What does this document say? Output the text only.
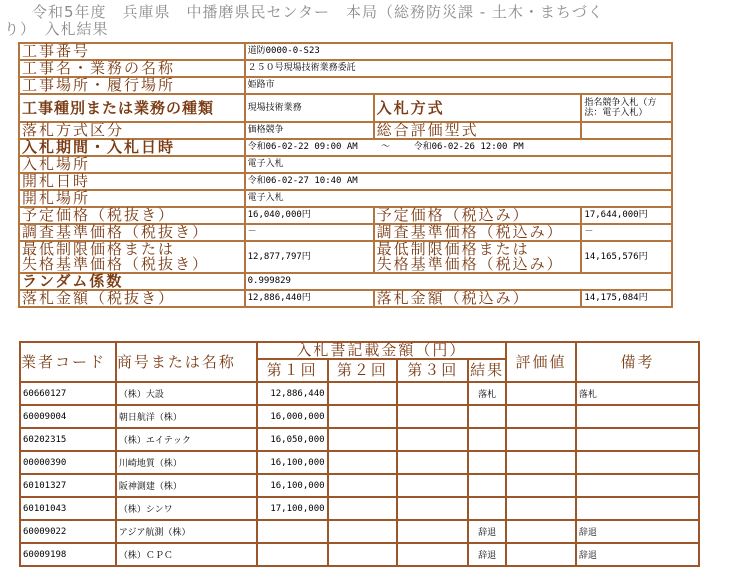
令和5年度　兵庫県　中播磨県民センター　本局（総務防災課 - 土木・まちづく
り）　入札結果
工事番号	道防0000-0-S23		
工事名・業務の名称	２５０号現場技術業務委託		
工事場所・履行場所	姫路市		
工事種別または業務の種類	現場技術業務	入札方式	指名競争入札（方法：電子入札）
落札方式区分	価格競争	総合評価型式	
入札期間・入札日時	令和06-02-22 09:00 AM ～ 令和06-02-26 12:00 PM		
入札場所	電子入札		
開札日時	令和06-02-27 10:40 AM		
開札場所	電子入札		
予定価格（税抜き）	16,040,000円	予定価格（税込み）	17,644,000円
調査基準価格（税抜き）	－	調査基準価格（税込み）	－
最低制限価格または
失格基準価格（税抜き）	12,877,797円	最低制限価格または
失格基準価格（税込み）	14,165,576円
ランダム係数	0.999829		
落札金額（税抜き）	12,886,440円	落札金額（税込み）	14,175,084円
業者コード	商号または名称	入札書記載金額（円）				評価値	備考
		第１回	第２回	第３回	結果		
60660127	（株）大設	12,886,440			落札		落札
60009004	朝日航洋（株）	16,000,000					
60202315	（株）エイテック	16,050,000					
00000390	川崎地質（株）	16,100,000					
60101327	阪神測建（株）	16,100,000					
60101043	（株）シンワ	17,100,000					
60009022	アジア航測（株）				辞退		辞退
60009198	（株）ＣＰＣ				辞退		辞退
